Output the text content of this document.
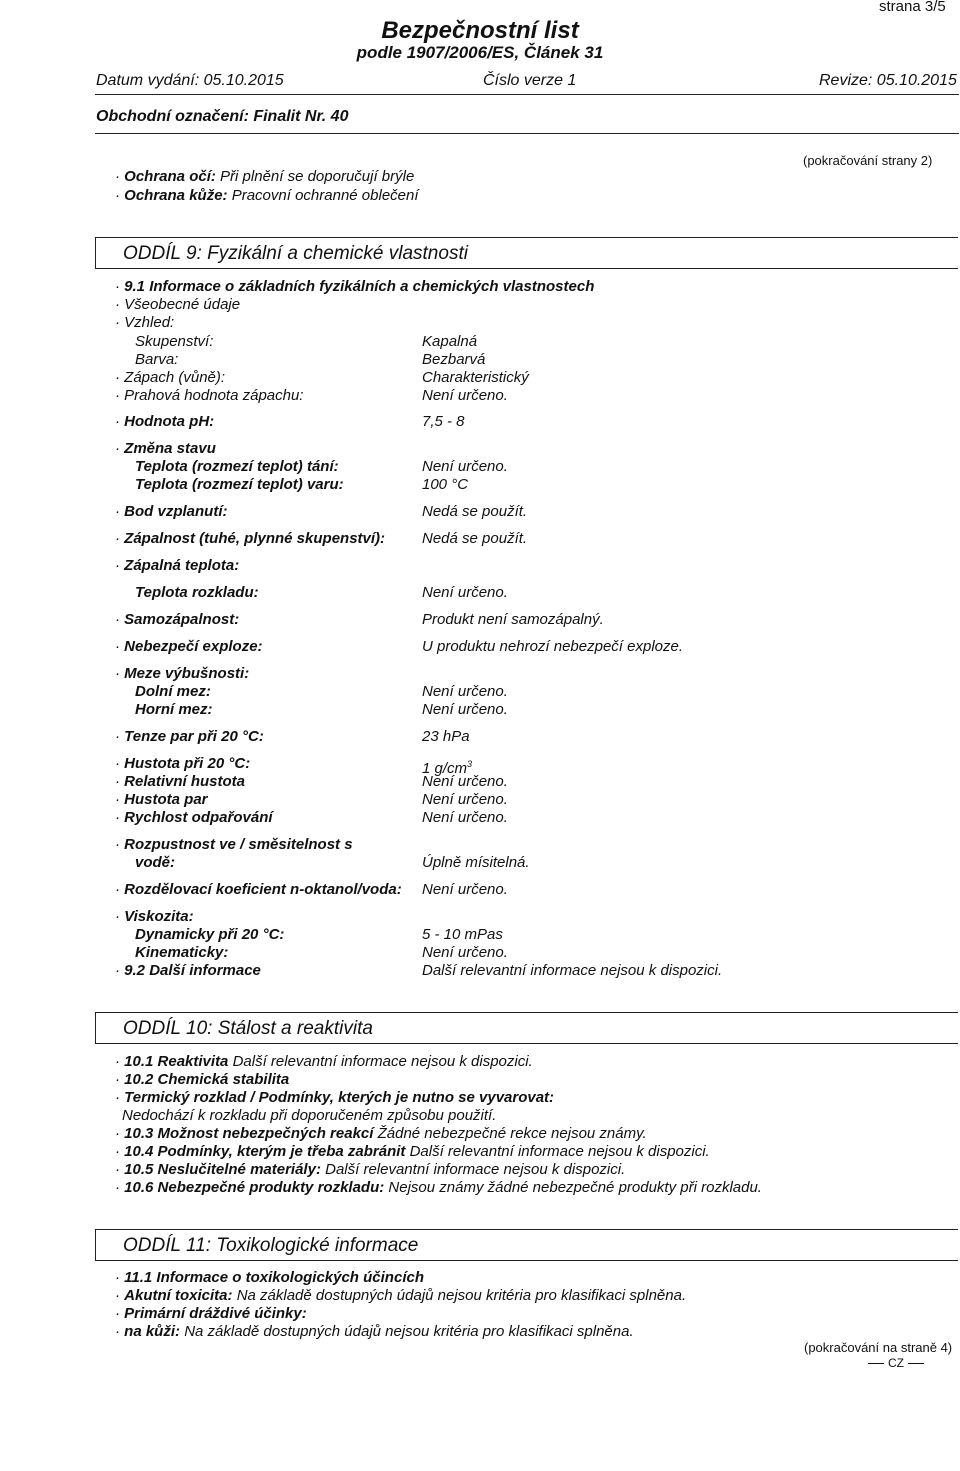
strana 3/5
Bezpečnostní list
podle 1907/2006/ES, Článek 31
Datum vydání: 05.10.2015	Číslo verze 1	Revize: 05.10.2015
Obchodní označení: Finalit Nr. 40
(pokračování strany 2)
· Ochrana očí: Při plnění se doporučují brýle
· Ochrana kůže: Pracovní ochranné oblečení
ODDÍL 9: Fyzikální a chemické vlastnosti
· 9.1 Informace o základních fyzikálních a chemických vlastnostech
· Všeobecné údaje
· Vzhled:
Skupenství:	Kapalná
Barva:	Bezbarvá
· Zápach (vůně):	Charakteristický
· Prahová hodnota zápachu:	Není určeno.
· Hodnota pH:	7,5 - 8
· Změna stavu
Teplota (rozmezí teplot) tání:	Není určeno.
Teplota (rozmezí teplot) varu:	100 °C
· Bod vzplanutí:	Nedá se použít.
· Zápalnost (tuhé, plynné skupenství): Nedá se použít.
· Zápalná teplota:
Teplota rozkladu:	Není určeno.
· Samozápalnost:	Produkt není samozápalný.
· Nebezpečí exploze:	U produktu nehrozí nebezpečí exploze.
· Meze výbušnosti:
Dolní mez:	Není určeno.
Horní mez:	Není určeno.
· Tenze par při 20 °C:	23 hPa
· Hustota při 20 °C:	1 $g/cm^3$
· Relativní hustota	Není určeno.
· Hustota par	Není určeno.
· Rychlost odpařování	Není určeno.
· Rozpustnost ve / směsitelnost s
vodě:	Úplně mísitelná.
· Rozdělovací koeficient n-oktanol/voda: Není určeno.
· Viskozita:
Dynamicky při 20 °C:	5 - 10 mPas
Kinematicky:	Není určeno.
· 9.2 Další informace	Další relevantní informace nejsou k dispozici.
ODDÍL 10: Stálost a reaktivita
· 10.1 Reaktivita Další relevantní informace nejsou k dispozici.
· 10.2 Chemická stabilita
· Termický rozklad / Podmínky, kterých je nutno se vyvarovat:
Nedochází k rozkladu při doporučeném způsobu použití.
· 10.3 Možnost nebezpečných reakcí Žádné nebezpečné rekce nejsou známy.
· 10.4 Podmínky, kterým je třeba zabránit Další relevantní informace nejsou k dispozici.
· 10.5 Neslučitelné materiály: Další relevantní informace nejsou k dispozici.
· 10.6 Nebezpečné produkty rozkladu: Nejsou známy žádné nebezpečné produkty při rozkladu.
ODDÍL 11: Toxikologické informace
· 11.1 Informace o toxikologických účincích
· Akutní toxicita: Na základě dostupných údajů nejsou kritéria pro klasifikaci splněna.
· Primární dráždivé účinky:
· na kůži: Na základě dostupných údajů nejsou kritéria pro klasifikaci splněna.
(pokračování na straně 4)
CZ
